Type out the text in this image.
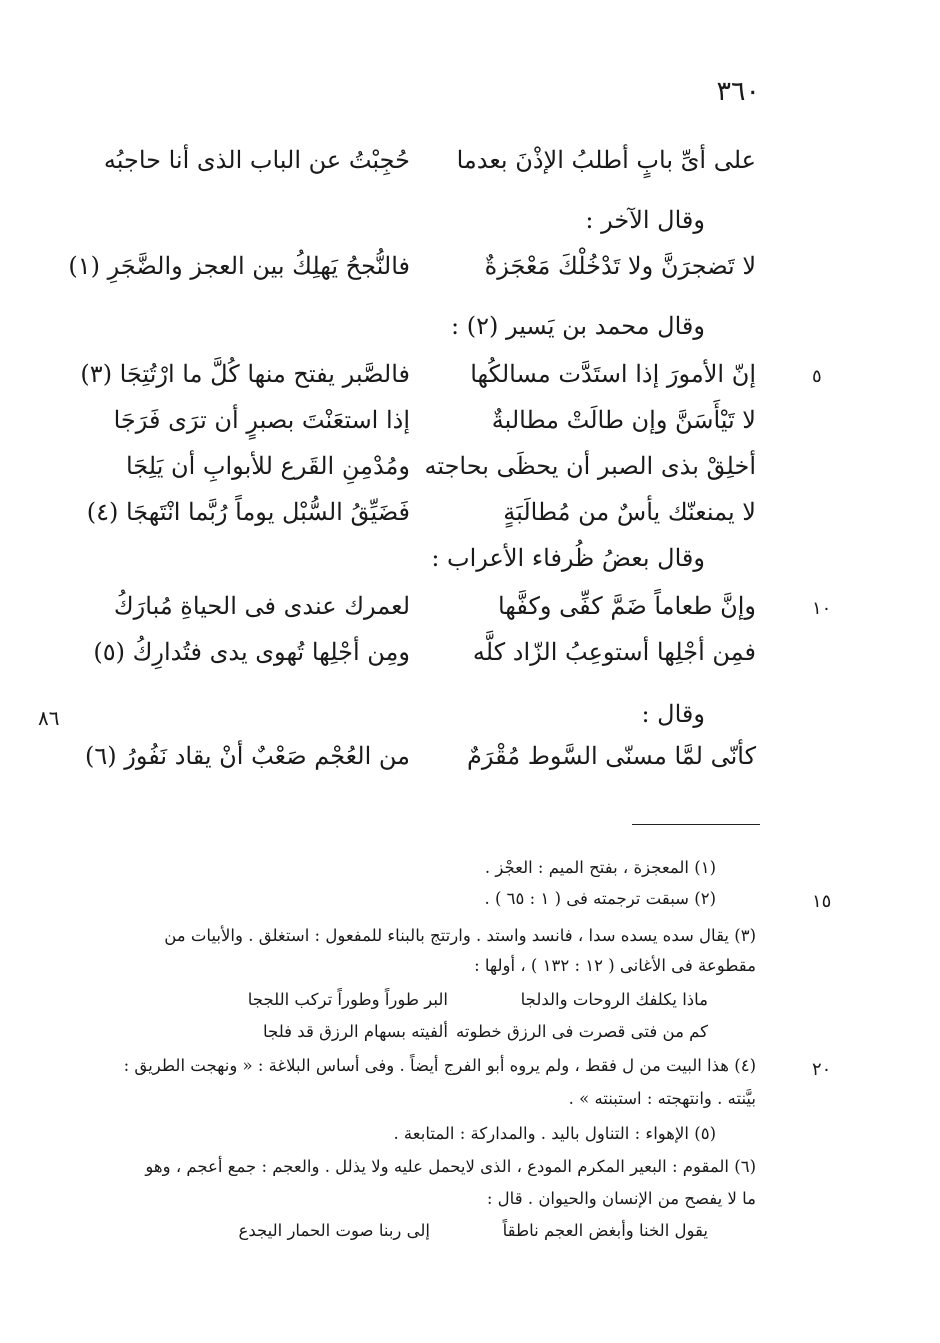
٣٦٠
٨٦
٥
١٠
١٥
٢٠
على أىِّ بابٍ أطلبُ الإذْنَ بعدما
حُجِبْتُ عن الباب الذى أنا حاجبُه
وقال الآخر :
لا تَضجرَنَّ ولا تَدْخُلْكَ مَعْجَزةٌ
فالنُّجحُ يَهلِكُ بين العجز والضَّجَرِ (١)
وقال محمد بن يَسير (٢) :
إنّ الأمورَ إذا استَدَّت مسالكُها
فالصَّبر يفتح منها كُلَّ ما ارْتُتِجَا (٣)
لا تَيْأَسَنَّ وإن طالَتْ مطالبةٌ
إذا استعَنْتَ بصبرٍ أن ترَى فَرَجَا
أخلِقْ بذى الصبر أن يحظَى بحاجته
ومُدْمِنِ القَرع للأبوابِ أن يَلِجَا
لا يمنعنّك يأسٌ من مُطالَبَةٍ
فَضَيِّقُ السُّبْل يوماً رُبَّما انْتَهجَا (٤)
وقال بعضُ ظُرفاء الأعراب :
وإنَّ طعاماً ضَمَّ كفِّى وكفَّها
لعمرك عندى فى الحياةِ مُبارَكُ
فمِن أجْلِها أستوعِبُ الزّاد كلَّه
ومِن أجْلِها تُهوى يدى فتُدارِكُ (٥)
وقال :
كأنّى لمَّا مسنّى السَّوط مُقْرَمٌ
من العُجْم صَعْبٌ أنْ يقاد نَفُورُ (٦)
(١) المعجزة ، بفتح الميم : العجْز .
(٢) سبقت ترجمته فى ( ١ : ٦٥ ) .
(٣) يقال سده يسده سدا ، فانسد واستد . وارتتج بالبناء للمفعول : استغلق . والأبيات من
مقطوعة فى الأغانى ( ١٢ : ١٣٢ ) ، أولها :
ماذا يكلفك الروحات والدلجا
البر طوراً وطوراً تركب اللججا
كم من فتى قصرت فى الرزق خطوته
ألفيته بسهام الرزق قد فلجا
(٤) هذا البيت من ل فقط ، ولم يروه أبو الفرج أيضاً . وفى أساس البلاغة : « ونهجت الطريق :
بيَّنته . وانتهجته : استبنته » .
(٥) الإهواء : التناول باليد . والمداركة : المتابعة .
(٦) المقوم : البعير المكرم المودع ، الذى لايحمل عليه ولا يذلل . والعجم : جمع أعجم ، وهو
ما لا يفصح من الإنسان والحيوان . قال :
يقول الخنا وأبغض العجم ناطقاً
إلى ربنا صوت الحمار اليجدع
